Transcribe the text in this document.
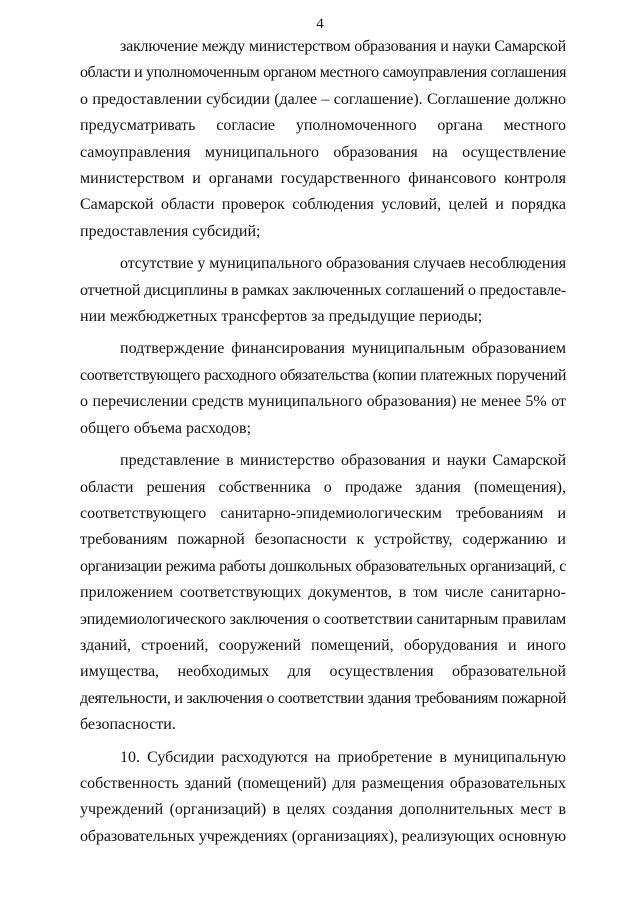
4
заключение между министерством образования и науки Самарской
области и уполномоченным органом местного самоуправления соглашения
о предоставлении субсидии (далее – соглашение). Соглашение должно
предусматривать согласие уполномоченного органа местного
самоуправления муниципального образования на осуществление
министерством и органами государственного финансового контроля
Самарской области проверок соблюдения условий, целей и порядка
предоставления субсидий;
отсутствие у муниципального образования случаев несоблюдения
отчетной дисциплины в рамках заключенных соглашений о предоставле-
нии межбюджетных трансфертов за предыдущие периоды;
подтверждение финансирования муниципальным образованием
соответствующего расходного обязательства (копии платежных поручений
о перечислении средств муниципального образования) не менее 5% от
общего объема расходов;
представление в министерство образования и науки Самарской
области решения собственника о продаже здания (помещения),
соответствующего санитарно-эпидемиологическим требованиям и
требованиям пожарной безопасности к устройству, содержанию и
организации режима работы дошкольных образовательных организаций, с
приложением соответствующих документов, в том числе санитарно-
эпидемиологического заключения о соответствии санитарным правилам
зданий, строений, сооружений помещений, оборудования и иного
имущества, необходимых для осуществления образовательной
деятельности, и заключения о соответствии здания требованиям пожарной
безопасности.
10. Субсидии расходуются на приобретение в муниципальную
собственность зданий (помещений) для размещения образовательных
учреждений (организаций) в целях создания дополнительных мест в
образовательных учреждениях (организациях), реализующих основную
